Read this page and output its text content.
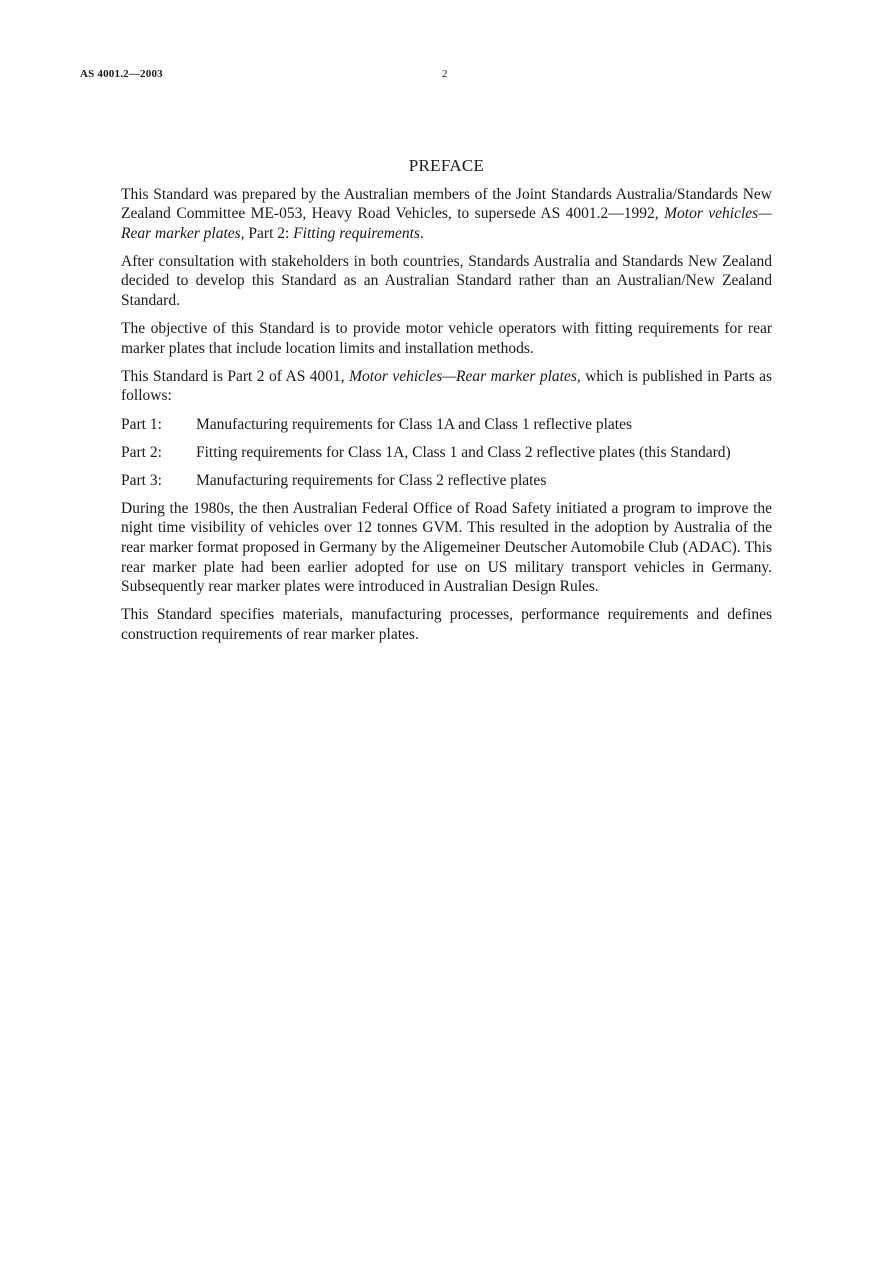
AS 4001.2—2003	2
PREFACE

This Standard was prepared by the Australian members of the Joint Standards Australia/Standards New Zealand Committee ME-053, Heavy Road Vehicles, to supersede AS 4001.2—1992, Motor vehicles—Rear marker plates, Part 2: Fitting requirements.

After consultation with stakeholders in both countries, Standards Australia and Standards New Zealand decided to develop this Standard as an Australian Standard rather than an Australian/New Zealand Standard.

The objective of this Standard is to provide motor vehicle operators with fitting requirements for rear marker plates that include location limits and installation methods.

This Standard is Part 2 of AS 4001, Motor vehicles—Rear marker plates, which is published in Parts as follows:

Part 1:	Manufacturing requirements for Class 1A and Class 1 reflective plates
Part 2:	Fitting requirements for Class 1A, Class 1 and Class 2 reflective plates (this Standard)
Part 3:	Manufacturing requirements for Class 2 reflective plates

During the 1980s, the then Australian Federal Office of Road Safety initiated a program to improve the night time visibility of vehicles over 12 tonnes GVM. This resulted in the adoption by Australia of the rear marker format proposed in Germany by the Aligemeiner Deutscher Automobile Club (ADAC). This rear marker plate had been earlier adopted for use on US military transport vehicles in Germany. Subsequently rear marker plates were introduced in Australian Design Rules.

This Standard specifies materials, manufacturing processes, performance requirements and defines construction requirements of rear marker plates.
